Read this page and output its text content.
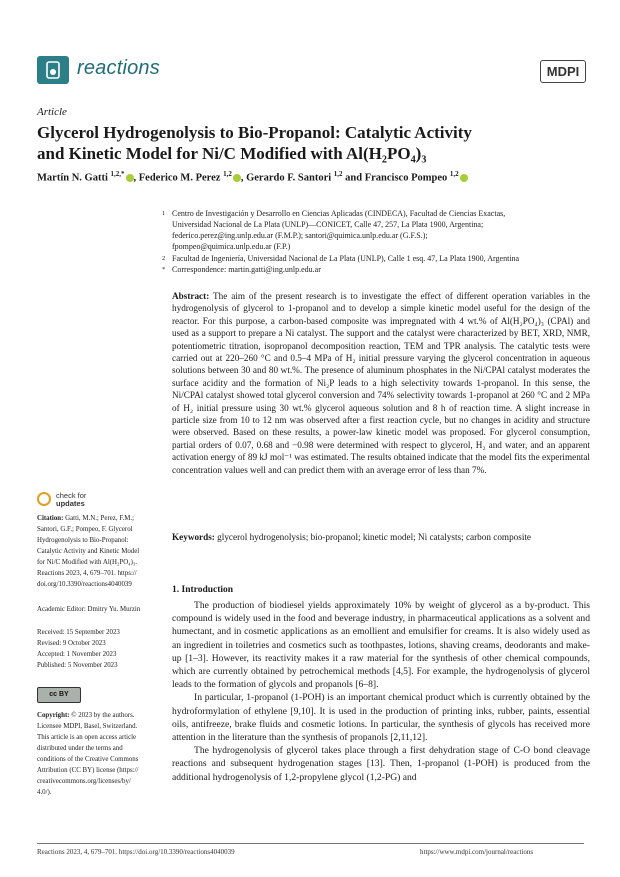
reactions	MDPI
Article
Glycerol Hydrogenolysis to Bio-Propanol: Catalytic Activity
and Kinetic Model for Ni/C Modified with Al(H₂PO₄)₃
Martín N. Gatti $^{1,2,*}$ , Federico M. Perez $^{1,2}$ , Gerardo F. Santori $^{1,2}$ and Francisco Pompeo $^{1,2}$
1 Centro de Investigación y Desarrollo en Ciencias Aplicadas (CINDECA), Facultad de Ciencias Exactas,
Universidad Nacional de La Plata (UNLP)—CONICET, Calle 47, 257, La Plata 1900, Argentina;
federico.perez@ing.unlp.edu.ar (F.M.P.); santori@quimica.unlp.edu.ar (G.F.S.);
fpompeo@quimica.unlp.edu.ar (F.P.)
2 Facultad de Ingeniería, Universidad Nacional de La Plata (UNLP), Calle 1 esq. 47, La Plata 1900, Argentina
* Correspondence: martin.gatti@ing.unlp.edu.ar
Abstract: The aim of the present research is to investigate the effect of different operation variables in the hydrogenolysis of glycerol to 1-propanol and to develop a simple kinetic model useful for the design of the reactor. For this purpose, a carbon-based composite was impregnated with 4 wt.% of Al(H₂PO₄)₃ (CPAl) and used as a support to prepare a Ni catalyst. The support and the catalyst were characterized by BET, XRD, NMR, potentiometric titration, isopropanol decomposition reaction, TEM and TPR analysis. The catalytic tests were carried out at 220–260 °C and 0.5–4 MPa of H₂ initial pressure varying the glycerol concentration in aqueous solutions between 30 and 80 wt.%. The presence of aluminum phosphates in the Ni/CPAl catalyst moderates the surface acidity and the formation of Ni₂P leads to a high selectivity towards 1-propanol. In this sense, the Ni/CPAl catalyst showed total glycerol conversion and 74% selectivity towards 1-propanol at 260 °C and 2 MPa of H₂ initial pressure using 30 wt.% glycerol aqueous solution and 8 h of reaction time. A slight increase in particle size from 10 to 12 nm was observed after a first reaction cycle, but no changes in acidity and structure were observed. Based on these results, a power-law kinetic model was proposed. For glycerol consumption, partial orders of 0.07, 0.68 and −0.98 were determined with respect to glycerol, H₂ and water, and an apparent activation energy of 89 kJ mol⁻¹ was estimated. The results obtained indicate that the model fits the experimental concentration values well and can predict them with an average error of less than 7%.
Keywords: glycerol hydrogenolysis; bio-propanol; kinetic model; Ni catalysts; carbon composite
check for
updates
Citation: Gatti, M.N.; Perez, F.M.;
Santori, G.F.; Pompeo, F. Glycerol
Hydrogenolysis to Bio-Propanol:
Catalytic Activity and Kinetic Model
for Ni/C Modified with Al(H₂PO₄)₃.
Reactions 2023, 4, 679–701. https://
doi.org/10.3390/reactions4040039
Academic Editor: Dmitry Yu. Murzin
Received: 15 September 2023
Revised: 9 October 2023
Accepted: 1 November 2023
Published: 5 November 2023
cc BY
Copyright: © 2023 by the authors.
Licensee MDPI, Basel, Switzerland.
This article is an open access article
distributed under the terms and
conditions of the Creative Commons
Attribution (CC BY) license (https://
creativecommons.org/licenses/by/
4.0/).
1. Introduction

The production of biodiesel yields approximately 10% by weight of glycerol as a by-product. This compound is widely used in the food and beverage industry, in pharmaceutical applications as a solvent and humectant, and in cosmetic applications as an emollient and emulsifier for creams. It is also widely used as an ingredient in toiletries and cosmetics such as toothpastes, lotions, shaving creams, deodorants and make-up [1–3]. However, its reactivity makes it a raw material for the synthesis of other chemical compounds, which are currently obtained by petrochemical methods [4,5]. For example, the hydrogenolysis of glycerol leads to the formation of glycols and propanols [6–8].

In particular, 1-propanol (1-POH) is an important chemical product which is currently obtained by the hydroformylation of ethylene [9,10]. It is used in the production of printing inks, rubber, paints, essential oils, antifreeze, brake fluids and cosmetic lotions. In particular, the synthesis of glycols has received more attention in the literature than the synthesis of propanols [2,11,12].

The hydrogenolysis of glycerol takes place through a first dehydration stage of C-O bond cleavage reactions and subsequent hydrogenation stages [13]. Then, 1-propanol (1-POH) is produced from the additional hydrogenolysis of 1,2-propylene glycol (1,2-PG) and

Reactions 2023, 4, 679–701. https://doi.org/10.3390/reactions4040039	https://www.mdpi.com/journal/reactions
